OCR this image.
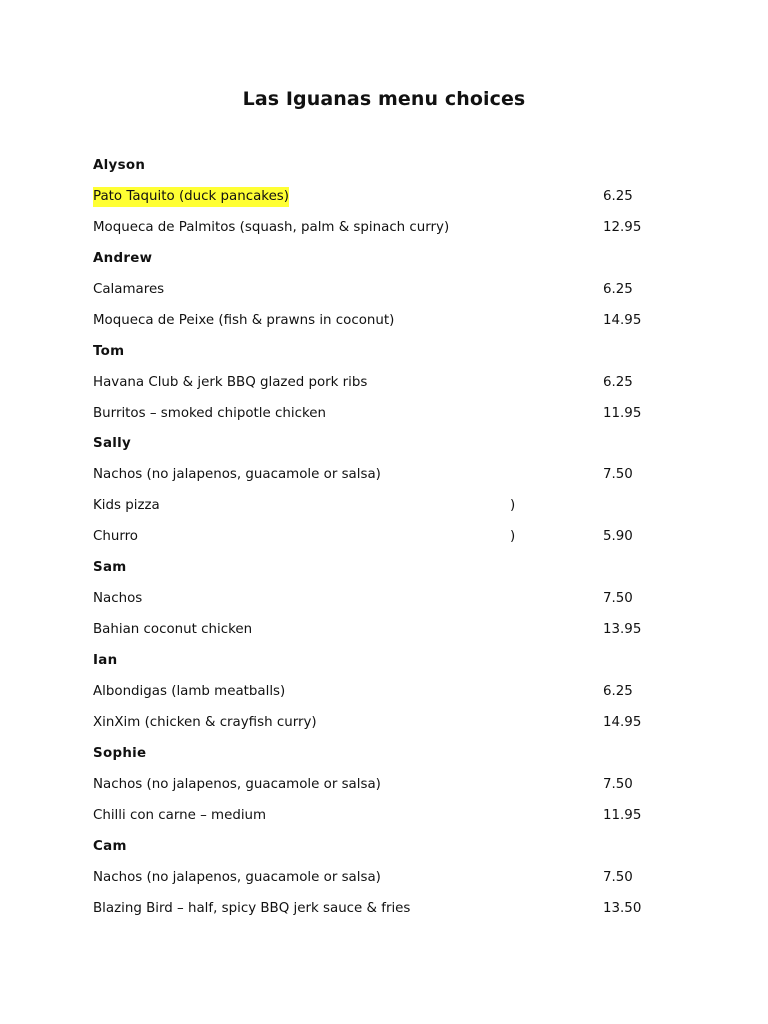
Las Iguanas menu choices
Alyson
Pato Taquito (duck pancakes)	6.25
Moqueca de Palmitos (squash, palm & spinach curry)	12.95
Andrew
Calamares	6.25
Moqueca de Peixe (fish & prawns in coconut)	14.95
Tom
Havana Club & jerk BBQ glazed pork ribs	6.25
Burritos – smoked chipotle chicken	11.95
Sally
Nachos (no jalapenos, guacamole or salsa)	7.50
Kids pizza	)
Churro	)	5.90
Sam
Nachos	7.50
Bahian coconut chicken	13.95
Ian
Albondigas (lamb meatballs)	6.25
XinXim (chicken & crayfish curry)	14.95
Sophie
Nachos (no jalapenos, guacamole or salsa)	7.50
Chilli con carne – medium	11.95
Cam
Nachos (no jalapenos, guacamole or salsa)	7.50
Blazing Bird – half, spicy BBQ jerk sauce & fries	13.50
